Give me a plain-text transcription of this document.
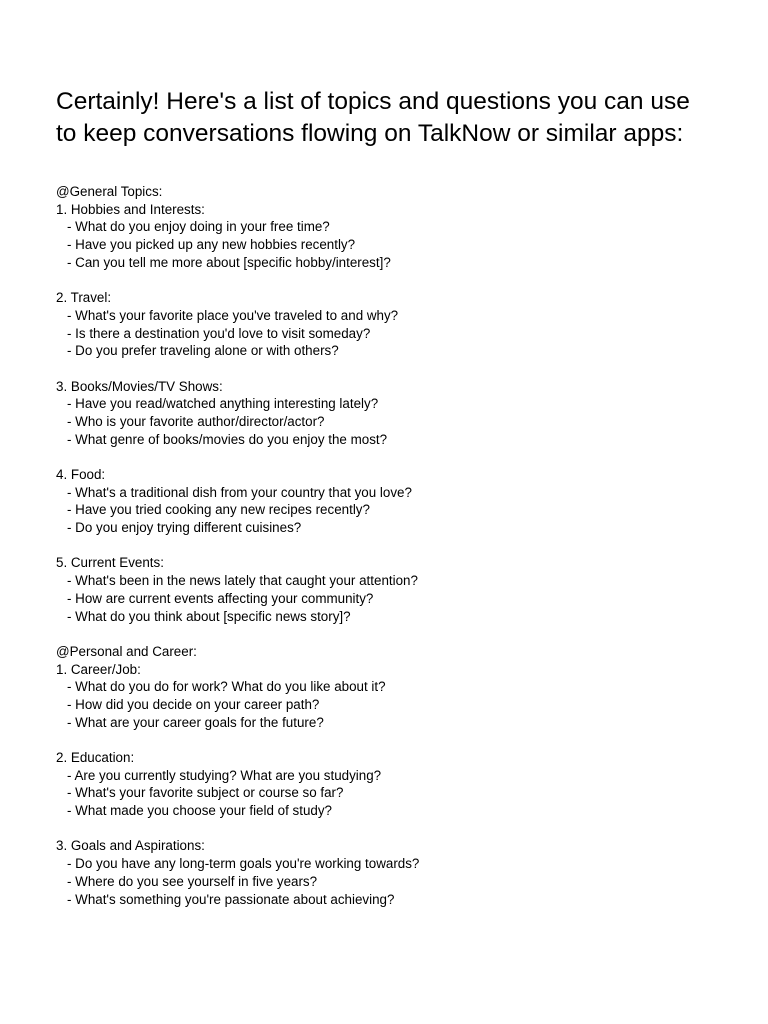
Certainly! Here's a list of topics and questions you can use to keep conversations flowing on TalkNow or similar apps:
@General Topics:
1. Hobbies and Interests:
- What do you enjoy doing in your free time?
- Have you picked up any new hobbies recently?
- Can you tell me more about [specific hobby/interest]?
2. Travel:
- What's your favorite place you've traveled to and why?
- Is there a destination you'd love to visit someday?
- Do you prefer traveling alone or with others?
3. Books/Movies/TV Shows:
- Have you read/watched anything interesting lately?
- Who is your favorite author/director/actor?
- What genre of books/movies do you enjoy the most?
4. Food:
- What's a traditional dish from your country that you love?
- Have you tried cooking any new recipes recently?
- Do you enjoy trying different cuisines?
5. Current Events:
- What's been in the news lately that caught your attention?
- How are current events affecting your community?
- What do you think about [specific news story]?
@Personal and Career:
1. Career/Job:
- What do you do for work? What do you like about it?
- How did you decide on your career path?
- What are your career goals for the future?
2. Education:
- Are you currently studying? What are you studying?
- What's your favorite subject or course so far?
- What made you choose your field of study?
3. Goals and Aspirations:
- Do you have any long-term goals you're working towards?
- Where do you see yourself in five years?
- What's something you're passionate about achieving?
